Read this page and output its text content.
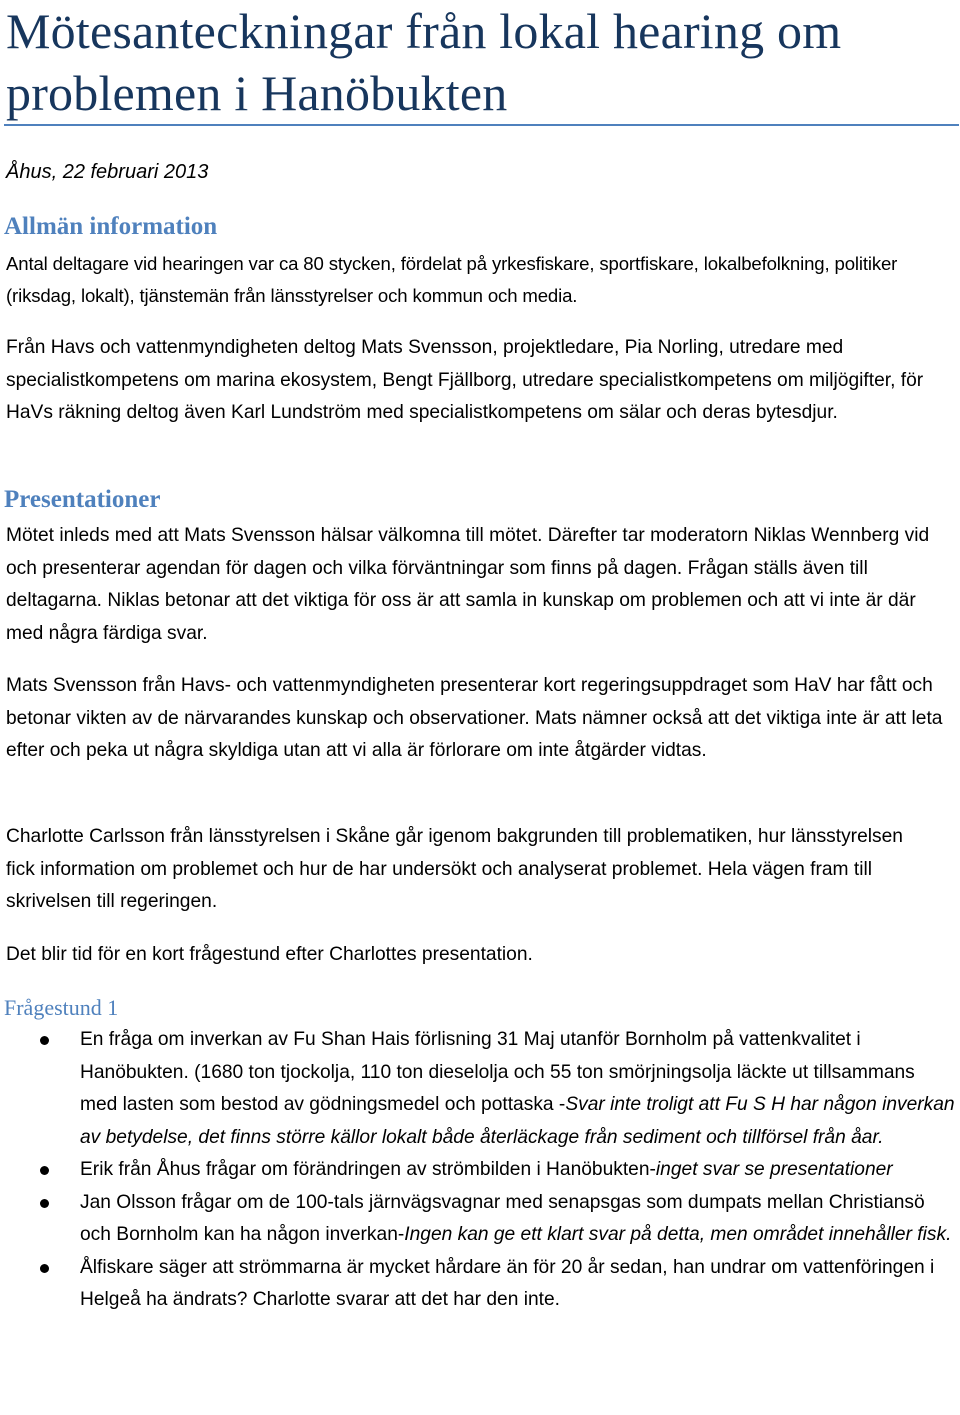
Mötesanteckningar från lokal hearing om problemen i Hanöbukten
Åhus, 22 februari 2013
Allmän information

Antal deltagare vid hearingen var ca 80 stycken, fördelat på yrkesfiskare, sportfiskare, lokalbefolkning, politiker (riksdag, lokalt), tjänstemän från länsstyrelser och kommun och media.

Från Havs och vattenmyndigheten deltog Mats Svensson, projektledare, Pia Norling, utredare med specialistkompetens om marina ekosystem, Bengt Fjällborg, utredare specialistkompetens om miljögifter, för HaVs räkning deltog även Karl Lundström med specialistkompetens om sälar och deras bytesdjur.

Presentationer

Mötet inleds med att Mats Svensson hälsar välkomna till mötet. Därefter tar moderatorn Niklas Wennberg vid och presenterar agendan för dagen och vilka förväntningar som finns på dagen. Frågan ställs även till deltagarna. Niklas betonar att det viktiga för oss är att samla in kunskap om problemen och att vi inte är där med några färdiga svar.

Mats Svensson från Havs- och vattenmyndigheten presenterar kort regeringsuppdraget som HaV har fått och betonar vikten av de närvarandes kunskap och observationer. Mats nämner också att det viktiga inte är att leta efter och peka ut några skyldiga utan att vi alla är förlorare om inte åtgärder vidtas.

Charlotte Carlsson från länsstyrelsen i Skåne går igenom bakgrunden till problematiken, hur länsstyrelsen fick information om problemet och hur de har undersökt och analyserat problemet. Hela vägen fram till skrivelsen till regeringen.

Det blir tid för en kort frågestund efter Charlottes presentation.

Frågestund 1
En fråga om inverkan av Fu Shan Hais förlisning 31 Maj utanför Bornholm på vattenkvalitet i Hanöbukten. (1680 ton tjockolja, 110 ton dieselolja och 55 ton smörjningsolja läckte ut tillsammans med lasten som bestod av gödningsmedel och pottaska -Svar inte troligt att Fu S H har någon inverkan av betydelse, det finns större källor lokalt både återläckage från sediment och tillförsel från åar.
Erik från Åhus frågar om förändringen av strömbilden i Hanöbukten-inget svar se presentationer
Jan Olsson frågar om de 100-tals järnvägsvagnar med senapsgas som dumpats mellan Christiansö och Bornholm kan ha någon inverkan-Ingen kan ge ett klart svar på detta, men området innehåller fisk.
Ålfiskare säger att strömmarna är mycket hårdare än för 20 år sedan, han undrar om vattenföringen i Helgeå ha ändrats? Charlotte svarar att det har den inte.
